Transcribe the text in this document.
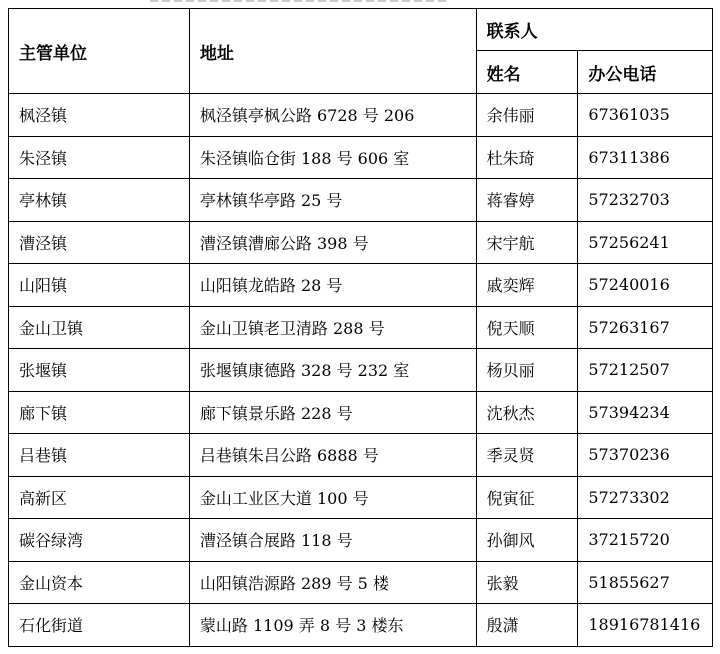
主管单位	地址	联系人	
		姓名	办公电话
枫泾镇	枫泾镇亭枫公路 6728 号 206	余伟丽	67361035
朱泾镇	朱泾镇临仓街 188 号 606 室	杜朱琦	67311386
亭林镇	亭林镇华亭路 25 号	蒋睿婷	57232703
漕泾镇	漕泾镇漕廊公路 398 号	宋宇航	57256241
山阳镇	山阳镇龙皓路 28 号	戚奕辉	57240016
金山卫镇	金山卫镇老卫清路 288 号	倪天顺	57263167
张堰镇	张堰镇康德路 328 号 232 室	杨贝丽	57212507
廊下镇	廊下镇景乐路 228 号	沈秋杰	57394234
吕巷镇	吕巷镇朱吕公路 6888 号	季灵贤	57370236
高新区	金山工业区大道 100 号	倪寅征	57273302
碳谷绿湾	漕泾镇合展路 118 号	孙御风	37215720
金山资本	山阳镇浩源路 289 号 5 楼	张毅	51855627
石化街道	蒙山路 1109 弄 8 号 3 楼东	殷潇	18916781416
